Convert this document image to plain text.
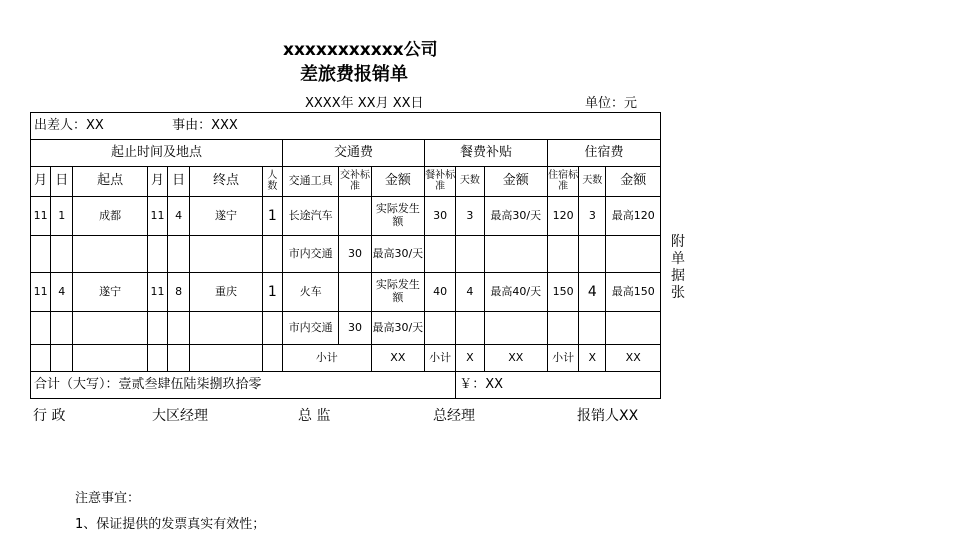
xxxxxxxxxxx公司
差旅费报销单
XXXX年 XX月 XX日	单位：元
出差人：XX 事由：XXX															
起止时间及地点							交通费			餐费补贴			住宿费		
月	日	起点	月	日	终点	人数	交通工具	交补标准	金额	餐补标准	天数	金额	住宿标准	天数	金额
11	1	成都	11	4	遂宁	1	长途汽车		实际发生额	30	3	最高30/天	120	3	最高120
							市内交通	30	最高30/天						
11	4	遂宁	11	8	重庆	1	火车		实际发生额	40	4	最高40/天	150	4	最高150
							市内交通	30	最高30/天						
							小计		XX	小计	X	XX	小计	X	XX
合计（大写）：壹贰叁肆伍陆柒捌玖拾零											￥：XX				
附单据张
行 政	大区经理	总 监	总经理	报销人XX
注意事宜：
1、保证提供的发票真实有效性；
